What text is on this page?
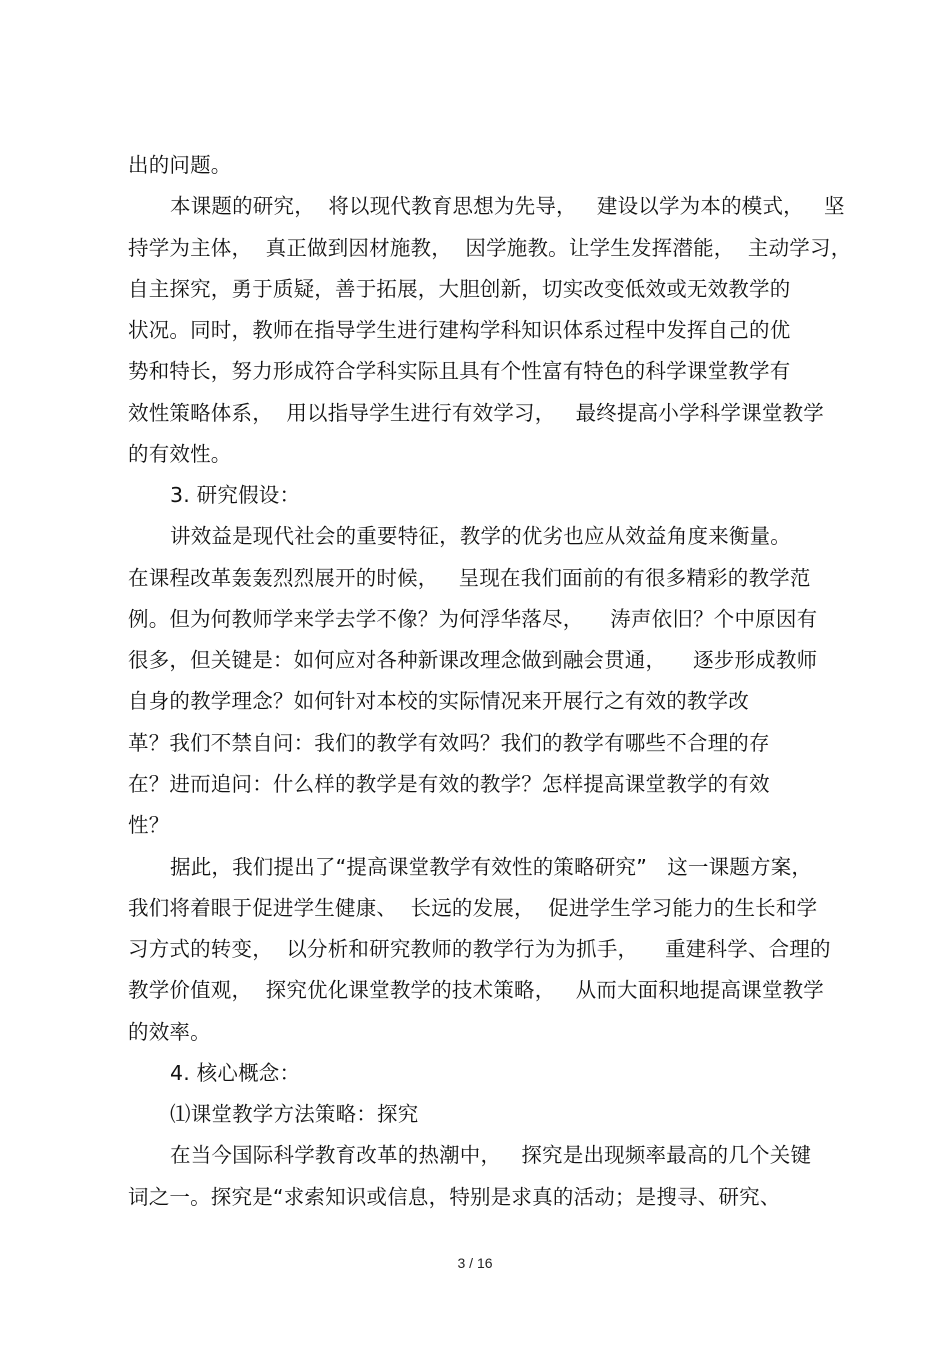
出的问题。
本课题的研究，  将以现代教育思想为先导，   建设以学为本的模式，   坚
持学为主体，  真正做到因材施教，  因学施教。让学生发挥潜能，  主动学习，
自主探究，勇于质疑，善于拓展，大胆创新，切实改变低效或无效教学的
状况。同时，教师在指导学生进行建构学科知识体系过程中发挥自己的优
势和特长，努力形成符合学科实际且具有个性富有特色的科学课堂教学有
效性策略体系，  用以指导学生进行有效学习，   最终提高小学科学课堂教学
的有效性。
3. 研究假设：
讲效益是现代社会的重要特征，教学的优劣也应从效益角度来衡量。
在课程改革轰轰烈烈展开的时候，   呈现在我们面前的有很多精彩的教学范
例。但为何教师学来学去学不像？为何浮华落尽，    涛声依旧？个中原因有
很多，但关键是：如何应对各种新课改理念做到融会贯通，    逐步形成教师
自身的教学理念？如何针对本校的实际情况来开展行之有效的教学改
革？我们不禁自问：我们的教学有效吗？我们的教学有哪些不合理的存
在？进而追问：什么样的教学是有效的教学？怎样提高课堂教学的有效
性？
据此，我们提出了“提高课堂教学有效性的策略研究”   这一课题方案，
我们将着眼于促进学生健康、  长远的发展，  促进学生学习能力的生长和学
习方式的转变，  以分析和研究教师的教学行为为抓手，    重建科学、合理的
教学价值观，  探究优化课堂教学的技术策略，   从而大面积地提高课堂教学
的效率。
4. 核心概念：
⑴课堂教学方法策略：探究
在当今国际科学教育改革的热潮中，   探究是出现频率最高的几个关键
词之一。探究是“求索知识或信息，特别是求真的活动；是搜寻、研究、
3 / 16
